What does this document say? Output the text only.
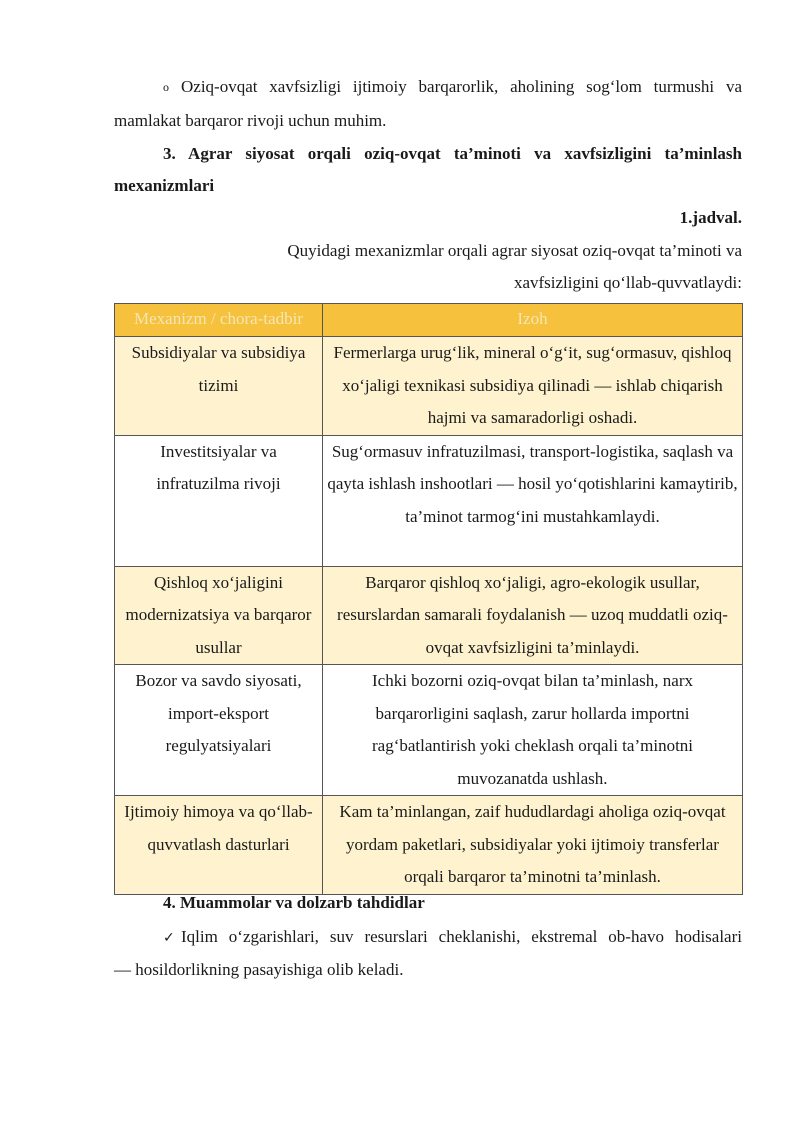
o Oziq-ovqat xavfsizligi ijtimoiy barqarorlik, aholining sog‘lom turmushi va
mamlakat barqaror rivoji uchun muhim.
3. Agrar siyosat orqali oziq-ovqat ta’minoti va xavfsizligini ta’minlash
mexanizmlari
1.jadval.
Quyidagi mexanizmlar orqali agrar siyosat oziq-ovqat ta’minoti va
xavfsizligini qo‘llab-quvvatlaydi:
Mexanizm / chora-tadbir	Izoh
Subsidiyalar va subsidiya tizimi	Fermerlarga urug‘lik, mineral o‘g‘it, sug‘ormasuv, qishloq xo‘jaligi texnikasi subsidiya qilinadi — ishlab chiqarish hajmi va samaradorligi oshadi.
Investitsiyalar va infratuzilma rivoji	Sug‘ormasuv infratuzilmasi, transport-logistika, saqlash va qayta ishlash inshootlari — hosil yo‘qotishlarini kamaytirib, ta’minot tarmog‘ini mustahkamlaydi.
Qishloq xo‘jaligini modernizatsiya va barqaror usullar	Barqaror qishloq xo‘jaligi, agro-ekologik usullar, resurslardan samarali foydalanish — uzoq muddatli oziq-ovqat xavfsizligini ta’minlaydi.
Bozor va savdo siyosati, import-eksport regulyatsiyalari	Ichki bozorni oziq-ovqat bilan ta’minlash, narx barqarorligini saqlash, zarur hollarda importni rag‘batlantirish yoki cheklash orqali ta’minotni muvozanatda ushlash.
Ijtimoiy himoya va qo‘llab-quvvatlash dasturlari	Kam ta’minlangan, zaif hududlardagi aholiga oziq-ovqat yordam paketlari, subsidiyalar yoki ijtimoiy transferlar orqali barqaror ta’minotni ta’minlash.
4. Muammolar va dolzarb tahdidlar
✓ Iqlim o‘zgarishlari, suv resurslari cheklanishi, ekstremal ob-havo hodisalari
— hosildorlikning pasayishiga olib keladi.
